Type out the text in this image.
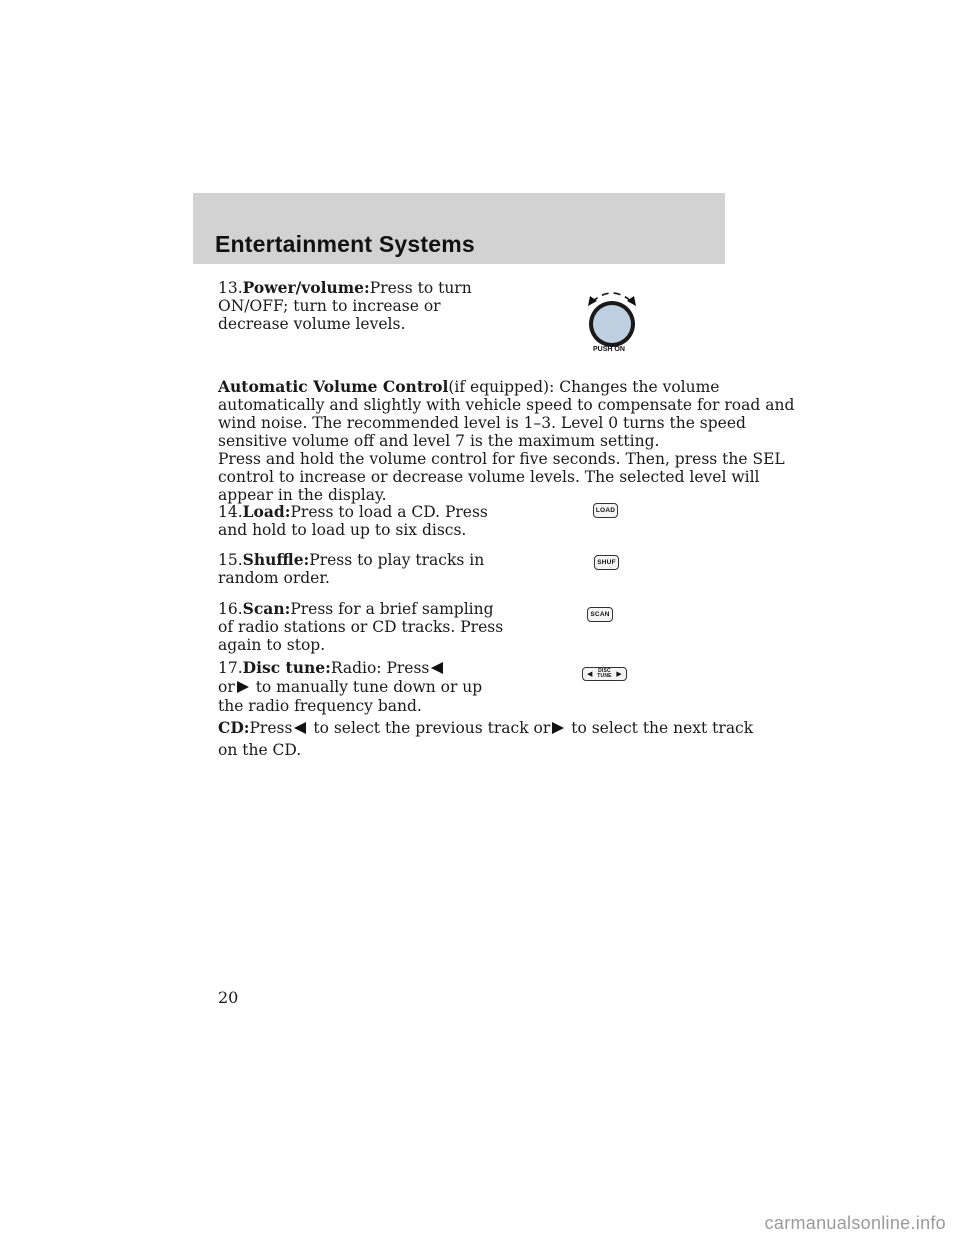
Entertainment Systems
13.Power/volume:Press to turn
ON/OFF; turn to increase or
decrease volume levels.
PUSH ON
Automatic Volume Control(if equipped): Changes the volume
automatically and slightly with vehicle speed to compensate for road and
wind noise. The recommended level is 1–3. Level 0 turns the speed
sensitive volume off and level 7 is the maximum setting.
Press and hold the volume control for five seconds. Then, press the SEL
control to increase or decrease volume levels. The selected level will
appear in the display.
14.Load:Press to load a CD. Press
and hold to load up to six discs.
LOAD
15.Shuffle:Press to play tracks in
random order.
SHUF
16.Scan:Press for a brief sampling
of radio stations or CD tracks. Press
again to stop.
SCAN
17.Disc tune:Radio: Press
or to manually tune down or up
the radio frequency band.
◀ DISC
TUNE ▶
CD:Press to select the previous track or to select the next track
on the CD.
20
carmanualsonline.info
